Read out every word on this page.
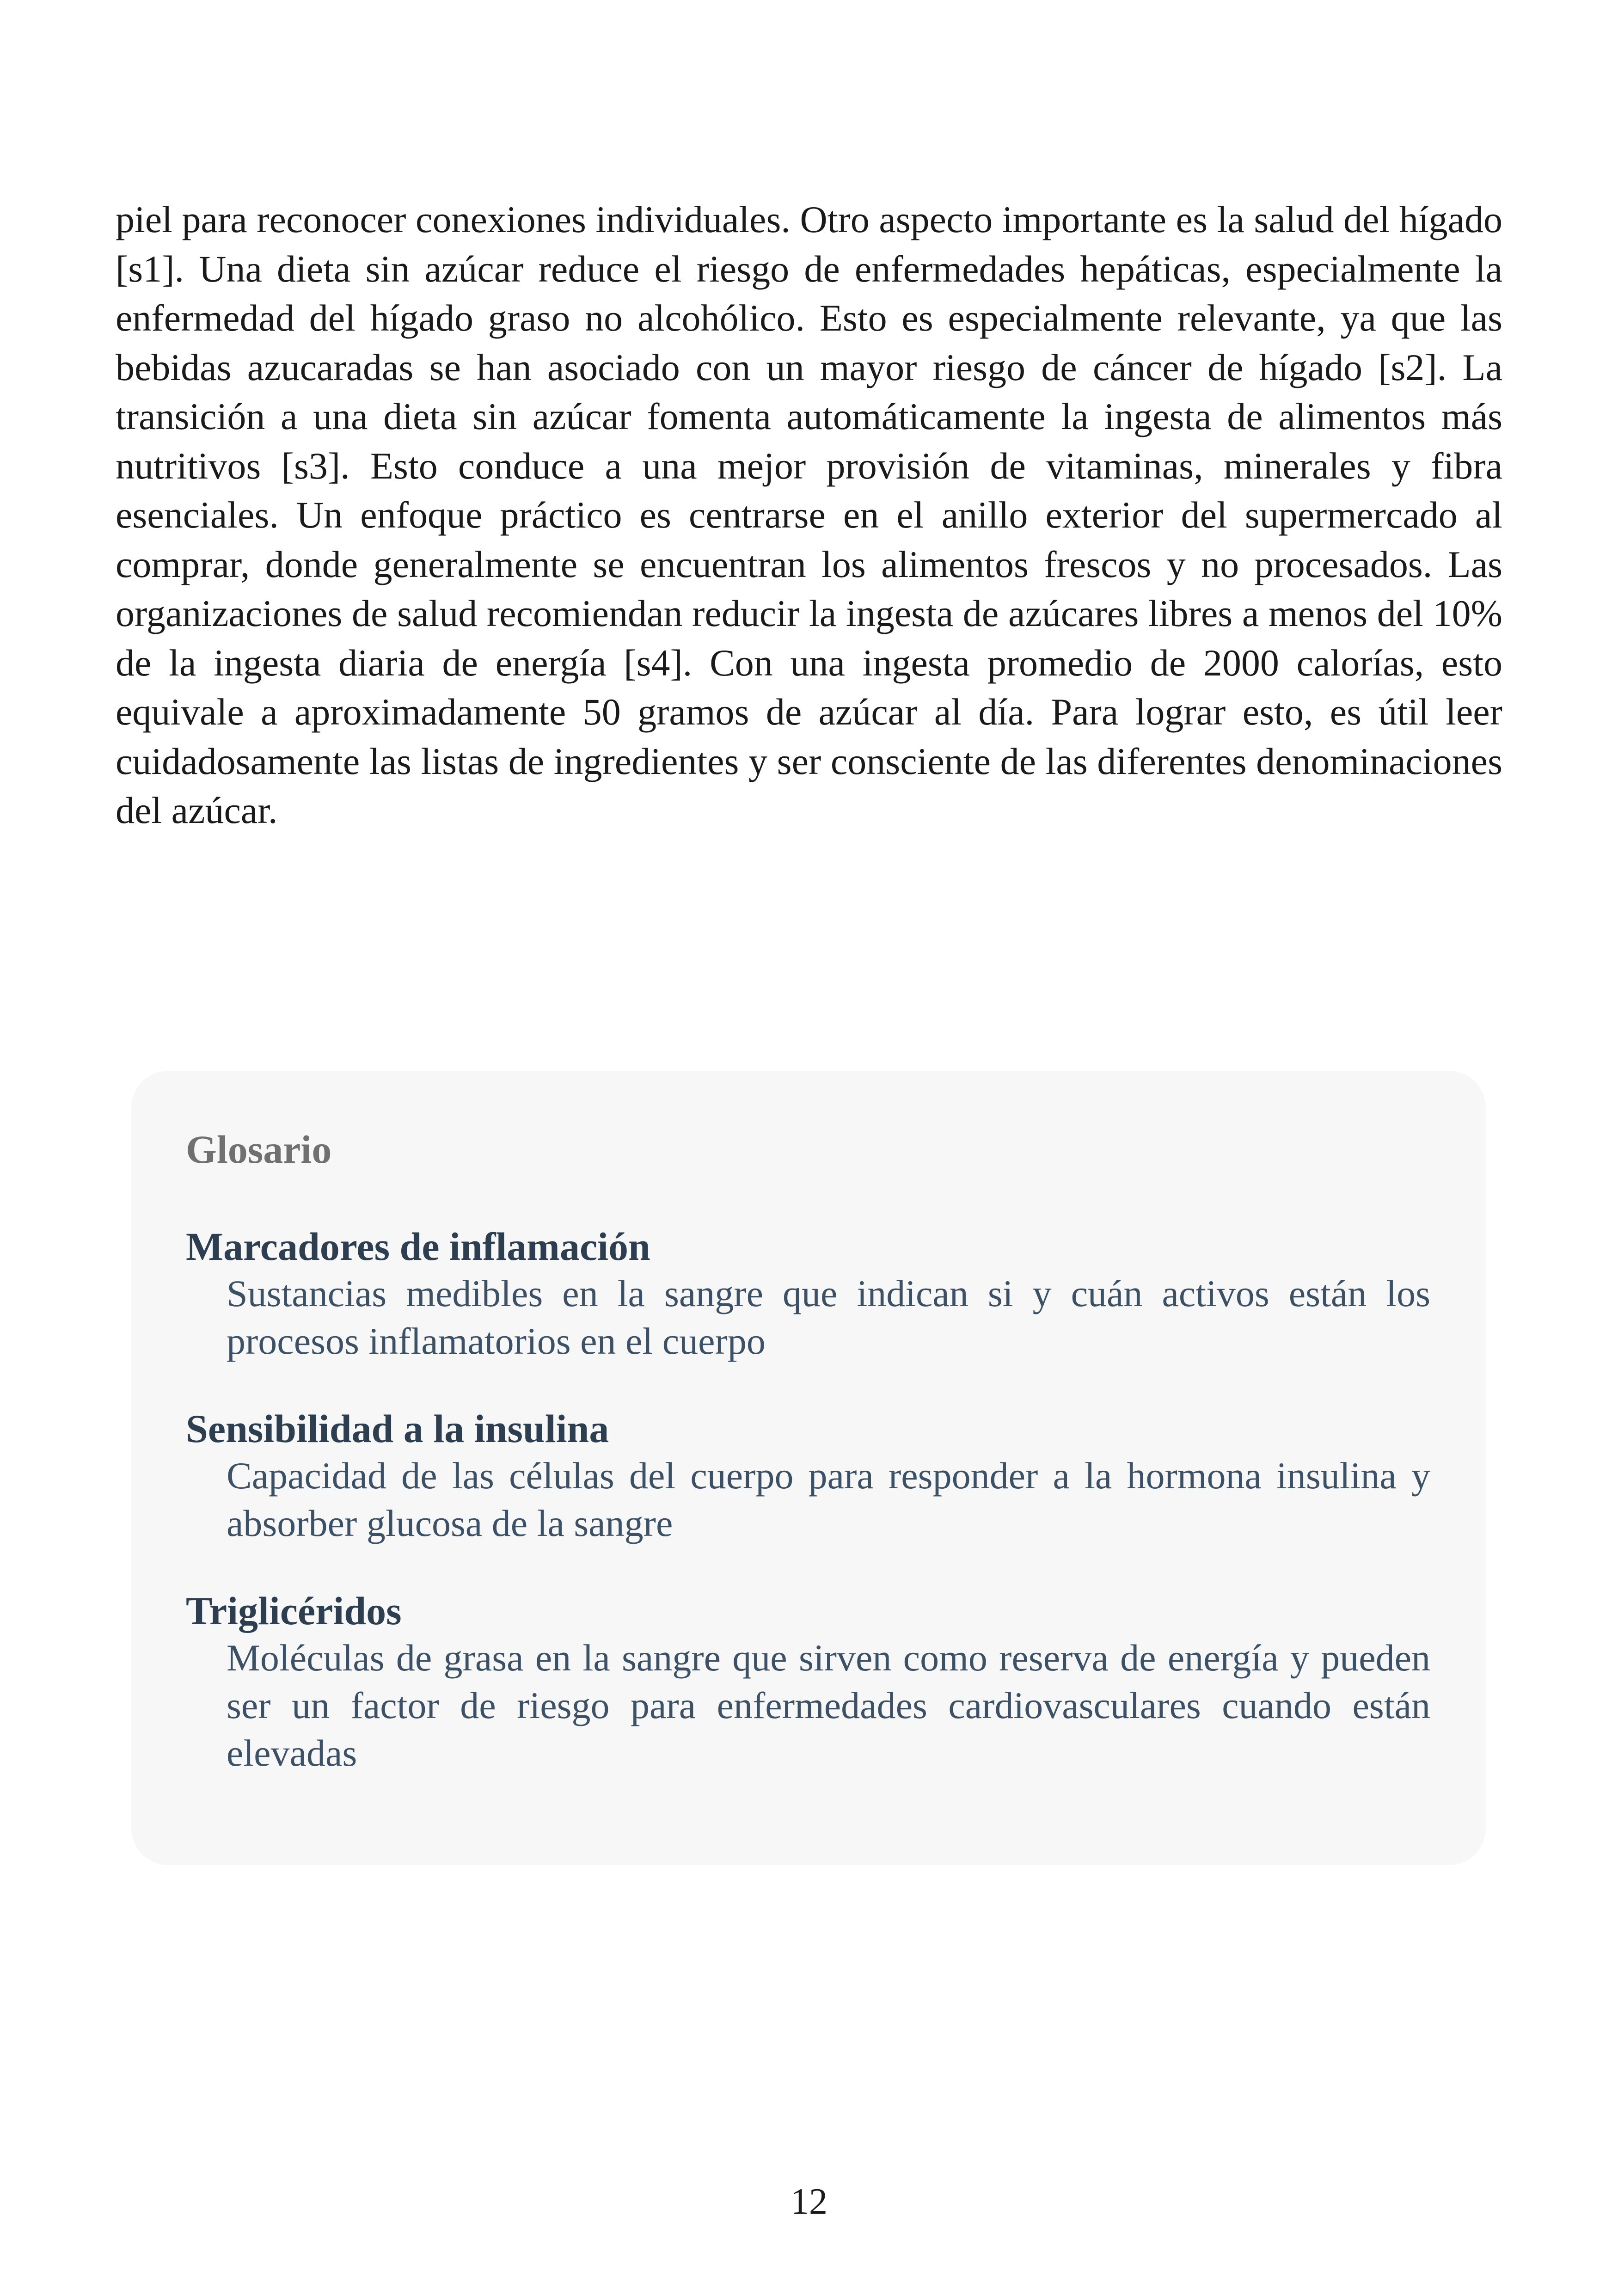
piel para reconocer conexiones individuales. Otro aspecto importante es la salud del hígado [s1]. Una dieta sin azúcar reduce el riesgo de enfermedades hepáticas, especialmente la enfermedad del hígado graso no alcohólico. Esto es especialmente relevante, ya que las bebidas azucaradas se han asociado con un mayor riesgo de cáncer de hígado [s2]. La transición a una dieta sin azúcar fomenta automáticamente la ingesta de alimentos más nutritivos [s3]. Esto conduce a una mejor provisión de vitaminas, minerales y fibra esenciales. Un enfoque práctico es centrarse en el anillo exterior del supermercado al comprar, donde generalmente se encuentran los alimentos frescos y no procesados. Las organizaciones de salud recomiendan reducir la ingesta de azúcares libres a menos del 10% de la ingesta diaria de energía [s4]. Con una ingesta promedio de 2000 calorías, esto equivale a aproximadamente 50 gramos de azúcar al día. Para lograr esto, es útil leer cuidadosamente las listas de ingredientes y ser consciente de las diferentes denominaciones del azúcar.

Glosario

Marcadores de inflamación

Sustancias medibles en la sangre que indican si y cuán activos están los procesos inflamatorios en el cuerpo

Sensibilidad a la insulina

Capacidad de las células del cuerpo para responder a la hormona insulina y absorber glucosa de la sangre

Triglicéridos

Moléculas de grasa en la sangre que sirven como reserva de energía y pueden ser un factor de riesgo para enfermedades cardiovasculares cuando están elevadas

12
